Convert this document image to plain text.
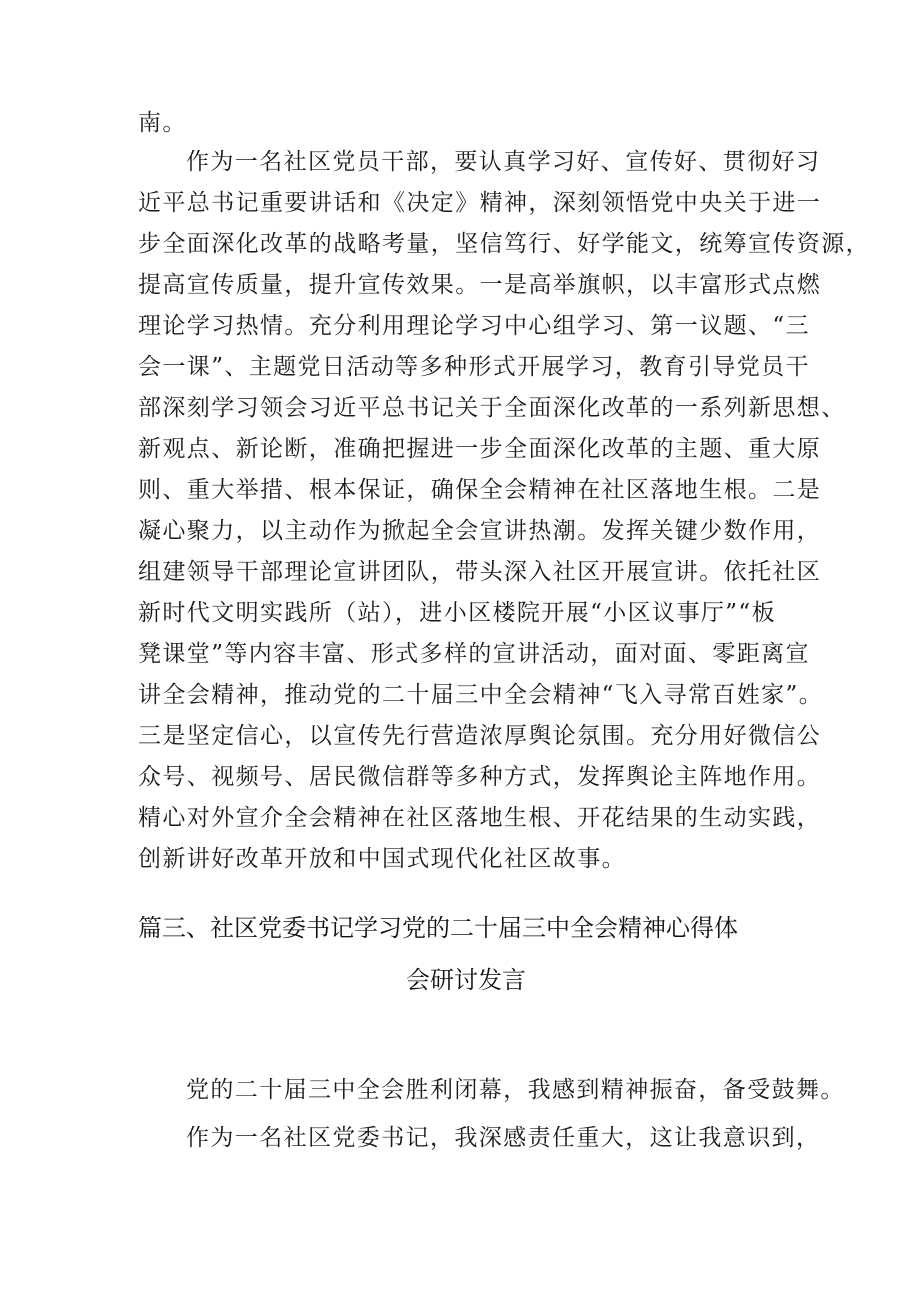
南。
作为一名社区党员干部，要认真学习好、宣传好、贯彻好习
近平总书记重要讲话和《决定》精神，深刻领悟党中央关于进一
步全面深化改革的战略考量，坚信笃行、好学能文，统筹宣传资源，
提高宣传质量，提升宣传效果。一是高举旗帜，以丰富形式点燃
理论学习热情。充分利用理论学习中心组学习、第一议题、“三
会一课”、主题党日活动等多种形式开展学习，教育引导党员干
部深刻学习领会习近平总书记关于全面深化改革的一系列新思想、
新观点、新论断，准确把握进一步全面深化改革的主题、重大原
则、重大举措、根本保证，确保全会精神在社区落地生根。二是
凝心聚力，以主动作为掀起全会宣讲热潮。发挥关键少数作用，
组建领导干部理论宣讲团队，带头深入社区开展宣讲。依托社区
新时代文明实践所（站），进小区楼院开展“小区议事厅”“板
凳课堂”等内容丰富、形式多样的宣讲活动，面对面、零距离宣
讲全会精神，推动党的二十届三中全会精神“飞入寻常百姓家”。
三是坚定信心，以宣传先行营造浓厚舆论氛围。充分用好微信公
众号、视频号、居民微信群等多种方式，发挥舆论主阵地作用。
精心对外宣介全会精神在社区落地生根、开花结果的生动实践，
创新讲好改革开放和中国式现代化社区故事。
篇三、社区党委书记学习党的二十届三中全会精神心得体
会研讨发言
党的二十届三中全会胜利闭幕，我感到精神振奋，备受鼓舞。
作为一名社区党委书记，我深感责任重大，这让我意识到，
